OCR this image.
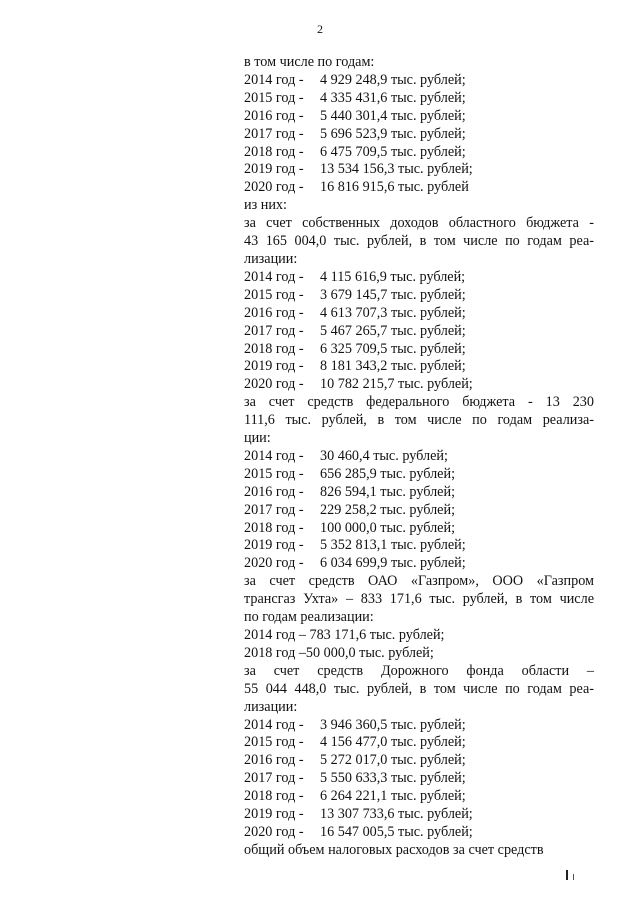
2
в том числе по годам:
2014 год -	4 929 248,9 тыс. рублей;
2015 год -	4 335 431,6 тыс. рублей;
2016 год -	5 440 301,4 тыс. рублей;
2017 год -	5 696 523,9 тыс. рублей;
2018 год -	6 475 709,5 тыс. рублей;
2019 год -	13 534 156,3 тыс. рублей;
2020 год -	16 816 915,6 тыс. рублей
из них:
за счет собственных доходов областного бюджета -
43 165 004,0 тыс. рублей, в том числе по годам реа-
лизации:
2014 год -	4 115 616,9 тыс. рублей;
2015 год -	3 679 145,7 тыс. рублей;
2016 год -	4 613 707,3 тыс. рублей;
2017 год -	5 467 265,7 тыс. рублей;
2018 год -	6 325 709,5 тыс. рублей;
2019 год -	8 181 343,2 тыс. рублей;
2020 год -	10 782 215,7 тыс. рублей;
за счет средств федерального бюджета - 13 230
111,6 тыс. рублей, в том числе по годам реализа-
ции:
2014 год -	30 460,4 тыс. рублей;
2015 год -	656 285,9 тыс. рублей;
2016 год -	826 594,1 тыс. рублей;
2017 год -	229 258,2 тыс. рублей;
2018 год -	100 000,0 тыс. рублей;
2019 год -	5 352 813,1 тыс. рублей;
2020 год -	6 034 699,9 тыс. рублей;
за счет средств ОАО «Газпром», ООО «Газпром
трансгаз Ухта» – 833 171,6 тыс. рублей, в том числе
по годам реализации:
2014 год – 783 171,6 тыс. рублей;
2018 год –50 000,0 тыс. рублей;
за счет средств Дорожного фонда области –
55 044 448,0 тыс. рублей, в том числе по годам реа-
лизации:
2014 год -	3 946 360,5 тыс. рублей;
2015 год -	4 156 477,0 тыс. рублей;
2016 год -	5 272 017,0 тыс. рублей;
2017 год -	5 550 633,3 тыс. рублей;
2018 год -	6 264 221,1 тыс. рублей;
2019 год -	13 307 733,6 тыс. рублей;
2020 год -	16 547 005,5 тыс. рублей;
общий объем налоговых расходов за счет средств
